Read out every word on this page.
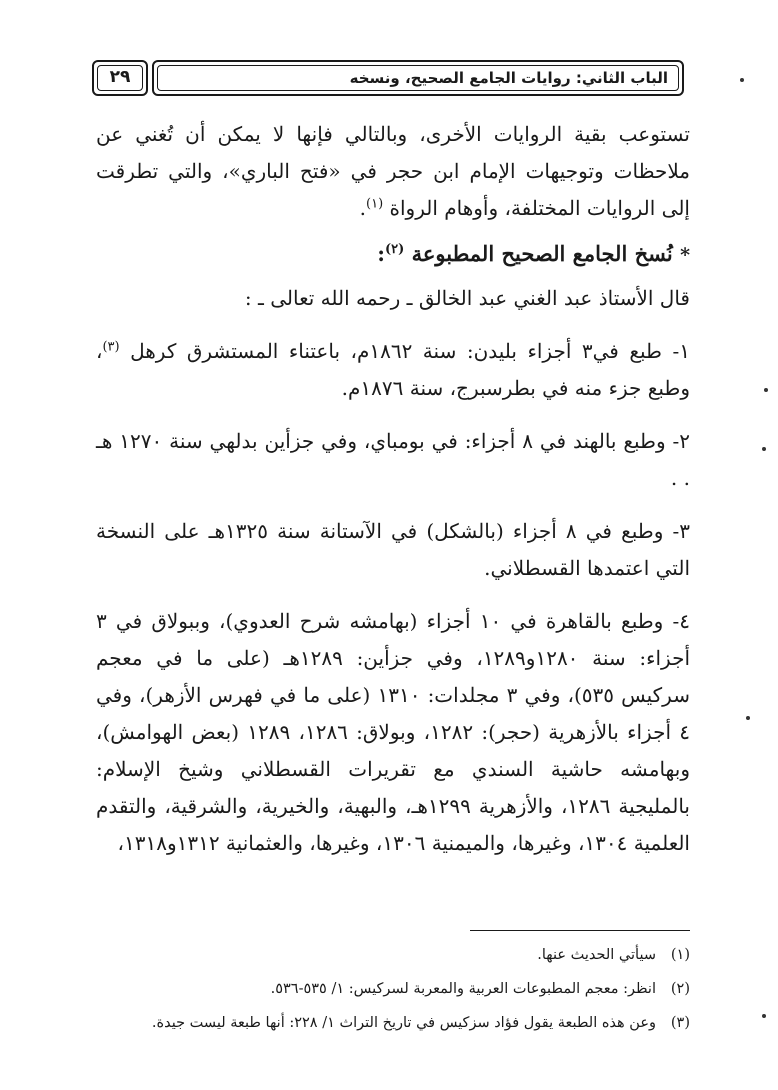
٢٩	الباب الثاني: روايات الجامع الصحيح، ونسخه

تستوعب بقية الروايات الأخرى، وبالتالي فإنها لا يمكن أن تُغني عن ملاحظات وتوجيهات الإمام ابن حجر في «فتح الباري»، والتي تطرقت إلى الروايات المختلفة، وأوهام الرواة $^{(١)}$.

* نُسخ الجامع الصحيح المطبوعة $^{(٢)}$:

قال الأستاذ عبد الغني عبد الخالق ـ رحمه الله تعالى ـ :

١- طبع في٣ أجزاء بليدن: سنة ١٨٦٢م، باعتناء المستشرق كرهل $^{(٣)}$، وطبع جزء منه في بطرسبرج، سنة ١٨٧٦م.

٢- وطبع بالهند في ٨ أجزاء: في بومباي، وفي جزأين بدلهي سنة ١٢٧٠ هـ . .

٣- وطبع في ٨ أجزاء (بالشكل) في الآستانة سنة ١٣٢٥هـ على النسخة التي اعتمدها القسطلاني.

٤- وطبع بالقاهرة في ١٠ أجزاء (بهامشه شرح العدوي)، وببولاق في ٣ أجزاء: سنة ١٢٨٠و١٢٨٩، وفي جزأين: ١٢٨٩هـ (على ما في معجم سركيس ٥٣٥)، وفي ٣ مجلدات: ١٣١٠ (على ما في فهرس الأزهر)، وفي ٤ أجزاء بالأزهرية (حجر): ١٢٨٢، وبولاق: ١٢٨٦، ١٢٨٩ (بعض الهوامش)، وبهامشه حاشية السندي مع تقريرات القسطلاني وشيخ الإسلام: بالمليجية ١٢٨٦، والأزهرية ١٢٩٩هـ، والبهية، والخيرية، والشرقية، والتقدم العلمية ١٣٠٤، وغيرها، والميمنية ١٣٠٦، وغيرها، والعثمانية ١٣١٢و١٣١٨،

(١)سيأتي الحديث عنها.

(٢)انظر: معجم المطبوعات العربية والمعربة لسركيس: ١/ ٥٣٥-٥٣٦.

(٣)وعن هذه الطبعة يقول فؤاد سزكيس في تاريخ التراث ١/ ٢٢٨: أنها طبعة ليست جيدة.
